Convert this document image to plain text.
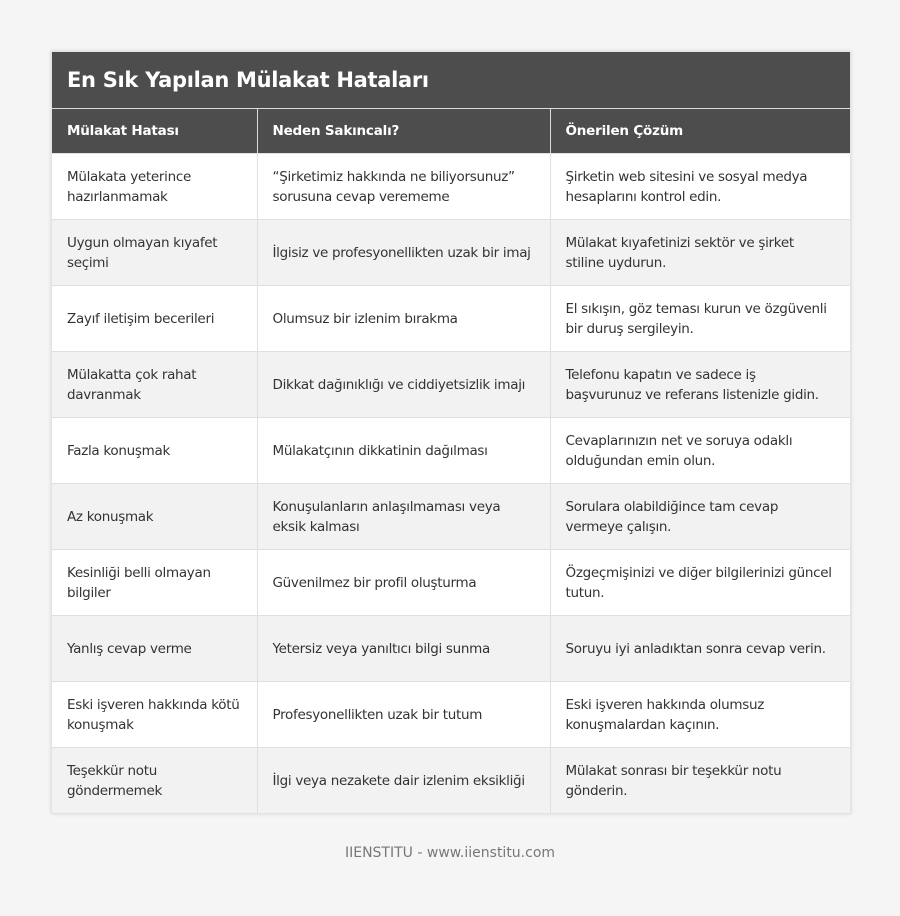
En Sık Yapılan Mülakat Hataları
Mülakat Hatası	Neden Sakıncalı?	Önerilen Çözüm
Mülakata yeterince hazırlanmamak	“Şirketimiz hakkında ne biliyorsunuz” sorusuna cevap verememe	Şirketin web sitesini ve sosyal medya hesaplarını kontrol edin.
Uygun olmayan kıyafet seçimi	İlgisiz ve profesyonellikten uzak bir imaj	Mülakat kıyafetinizi sektör ve şirket stiline uydurun.
Zayıf iletişim becerileri	Olumsuz bir izlenim bırakma	El sıkışın, göz teması kurun ve özgüvenli bir duruş sergileyin.
Mülakatta çok rahat davranmak	Dikkat dağınıklığı ve ciddiyetsizlik imajı	Telefonu kapatın ve sadece iş başvurunuz ve referans listenizle gidin.
Fazla konuşmak	Mülakatçının dikkatinin dağılması	Cevaplarınızın net ve soruya odaklı olduğundan emin olun.
Az konuşmak	Konuşulanların anlaşılmaması veya eksik kalması	Sorulara olabildiğince tam cevap vermeye çalışın.
Kesinliği belli olmayan bilgiler	Güvenilmez bir profil oluşturma	Özgeçmişinizi ve diğer bilgilerinizi güncel tutun.
Yanlış cevap verme	Yetersiz veya yanıltıcı bilgi sunma	Soruyu iyi anladıktan sonra cevap verin.
Eski işveren hakkında kötü konuşmak	Profesyonellikten uzak bir tutum	Eski işveren hakkında olumsuz konuşmalardan kaçının.
Teşekkür notu göndermemek	İlgi veya nezakete dair izlenim eksikliği	Mülakat sonrası bir teşekkür notu gönderin.
IIENSTITU - www.iienstitu.com
